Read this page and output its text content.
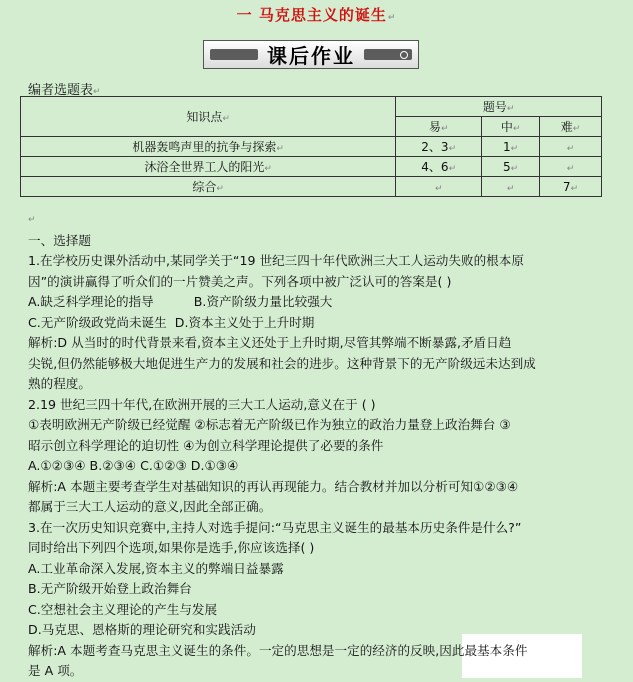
一 马克思主义的诞生↵
课后作业
编者选题表↵
知识点↵	题号↵		
	易↵	中↵	难↵
机器轰鸣声里的抗争与探索↵	2、3↵	1↵	↵
沐浴全世界工人的阳光↵	4、6↵	5↵	↵
综合↵	↵	↵	7↵
↵
一、选择题
1.在学校历史课外活动中,某同学关于“19 世纪三四十年代欧洲三大工人运动失败的根本原
因”的演讲赢得了听众们的一片赞美之声。下列各项中被广泛认可的答案是( )
A.缺乏科学理论的指导	B.资产阶级力量比较强大
C.无产阶级政党尚未诞生 D.资本主义处于上升时期
解析:D 从当时的时代背景来看,资本主义还处于上升时期,尽管其弊端不断暴露,矛盾日趋
尖锐,但仍然能够极大地促进生产力的发展和社会的进步。这种背景下的无产阶级远未达到成
熟的程度。
2.19 世纪三四十年代,在欧洲开展的三大工人运动,意义在于 ( )
①表明欧洲无产阶级已经觉醒 ②标志着无产阶级已作为独立的政治力量登上政治舞台 ③
昭示创立科学理论的迫切性 ④为创立科学理论提供了必要的条件
A.①②③④ B.②③④ C.①②③ D.①③④
解析:A 本题主要考查学生对基础知识的再认再现能力。结合教材并加以分析可知①②③④
都属于三大工人运动的意义,因此全部正确。
3.在一次历史知识竞赛中,主持人对选手提问:“马克思主义诞生的最基本历史条件是什么?”
同时给出下列四个选项,如果你是选手,你应该选择( )
A.工业革命深入发展,资本主义的弊端日益暴露
B.无产阶级开始登上政治舞台
C.空想社会主义理论的产生与发展
D.马克思、恩格斯的理论研究和实践活动
解析:A 本题考查马克思主义诞生的条件。一定的思想是一定的经济的反映,因此最基本条件
是 A 项。
